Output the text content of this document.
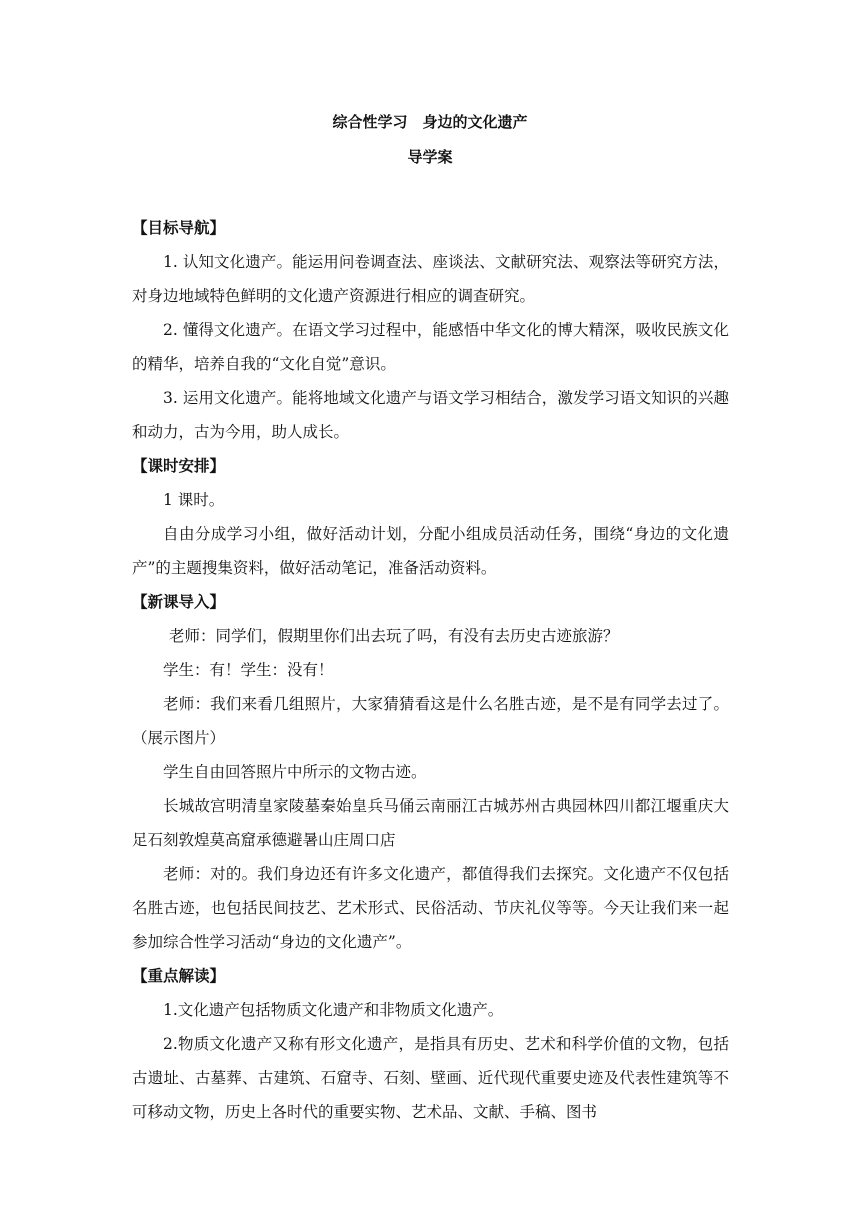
综合性学习　身边的文化遗产
导学案
【目标导航】

1. 认知文化遗产。能运用问卷调查法、座谈法、文献研究法、观察法等研究方法，对身边地域特色鲜明的文化遗产资源进行相应的调查研究。

2. 懂得文化遗产。在语文学习过程中，能感悟中华文化的博大精深，吸收民族文化的精华，培养自我的“文化自觉”意识。

3. 运用文化遗产。能将地域文化遗产与语文学习相结合，激发学习语文知识的兴趣和动力，古为今用，助人成长。

【课时安排】

1 课时。

自由分成学习小组，做好活动计划，分配小组成员活动任务，围绕“身边的文化遗产”的主题搜集资料，做好活动笔记，准备活动资料。

【新课导入】

老师：同学们，假期里你们出去玩了吗，有没有去历史古迹旅游？

学生：有！学生：没有！

老师：我们来看几组照片，大家猜猜看这是什么名胜古迹，是不是有同学去过了。（展示图片）

学生自由回答照片中所示的文物古迹。

长城故宫明清皇家陵墓秦始皇兵马俑云南丽江古城苏州古典园林四川都江堰重庆大足石刻敦煌莫高窟承德避暑山庄周口店

老师：对的。我们身边还有许多文化遗产，都值得我们去探究。文化遗产不仅包括名胜古迹，也包括民间技艺、艺术形式、民俗活动、节庆礼仪等等。今天让我们来一起参加综合性学习活动“身边的文化遗产”。

【重点解读】

1.文化遗产包括物质文化遗产和非物质文化遗产。

2.物质文化遗产又称有形文化遗产，是指具有历史、艺术和科学价值的文物，包括古遗址、古墓葬、古建筑、石窟寺、石刻、壁画、近代现代重要史迹及代表性建筑等不可移动文物，历史上各时代的重要实物、艺术品、文献、手稿、图书
